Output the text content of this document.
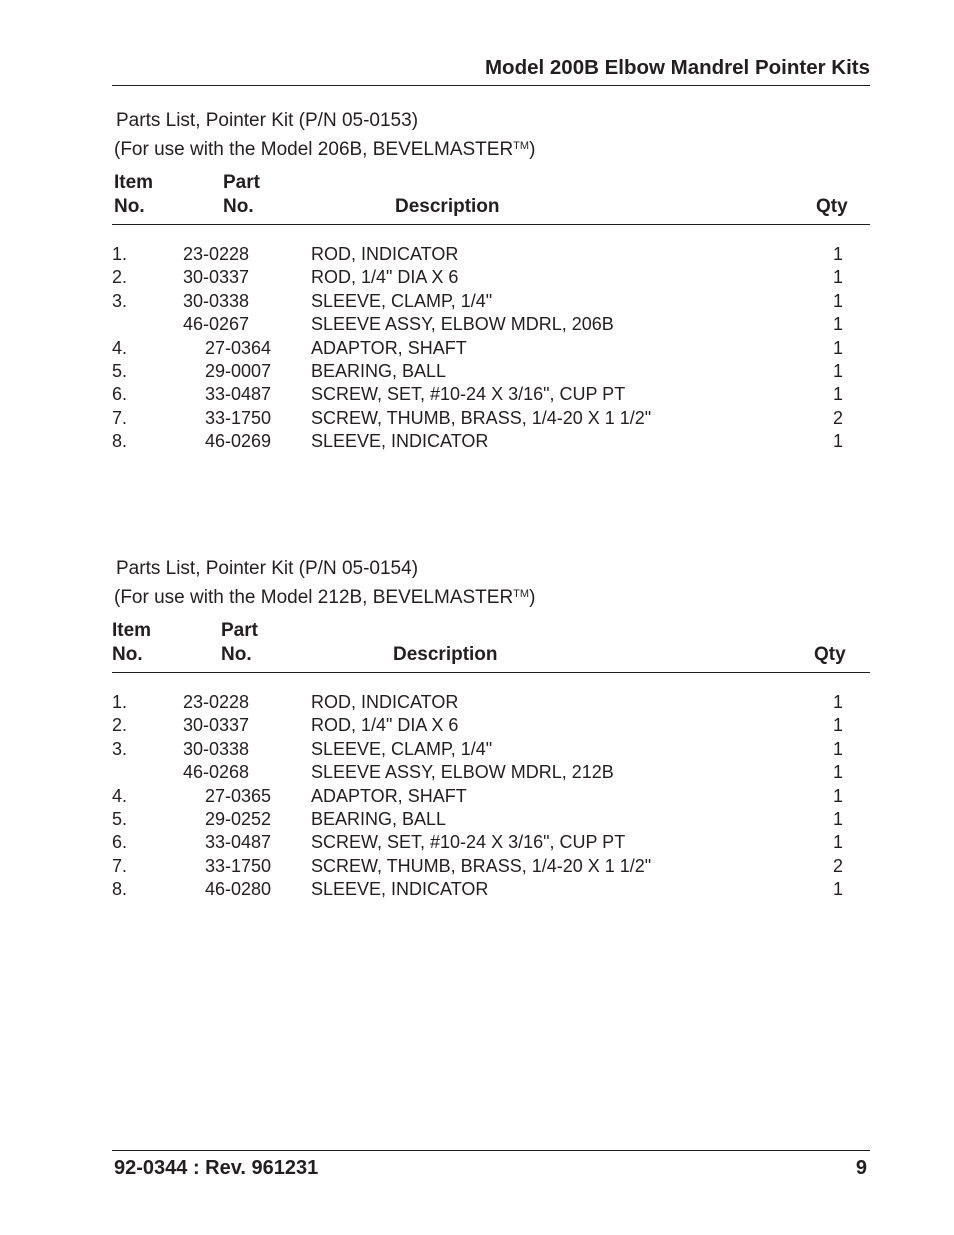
Model 200B Elbow Mandrel Pointer Kits
Parts List, Pointer Kit (P/N 05-0153)
(For use with the Model 206B, BEVELMASTER™)
Item
No.
Part
No.	Description	Qty
1.	23-0228	ROD, INDICATOR	1
2.	30-0337	ROD, 1/4" DIA X 6	1
3.	30-0338	SLEEVE, CLAMP, 1/4"	1
46-0267	SLEEVE ASSY, ELBOW MDRL, 206B	1
4.	27-0364 ADAPTOR, SHAFT	1
5.	29-0007 BEARING, BALL	1
6.	33-0487 SCREW, SET, #10-24 X 3/16", CUP PT	1
7.	33-1750 SCREW, THUMB, BRASS, 1/4-20 X 1 1/2"	2
8.	46-0269 SLEEVE, INDICATOR	1
Parts List, Pointer Kit (P/N 05-0154)
(For use with the Model 212B, BEVELMASTER™)
Item
No.
Part
No.	Description	Qty
1.	23-0228	ROD, INDICATOR	1
2.	30-0337	ROD, 1/4" DIA X 6	1
3.	30-0338	SLEEVE, CLAMP, 1/4"	1
46-0268	SLEEVE ASSY, ELBOW MDRL, 212B	1
4.	27-0365 ADAPTOR, SHAFT	1
5.	29-0252 BEARING, BALL	1
6.	33-0487 SCREW, SET, #10-24 X 3/16", CUP PT	1
7.	33-1750 SCREW, THUMB, BRASS, 1/4-20 X 1 1/2"	2
8.	46-0280 SLEEVE, INDICATOR	1
92-0344 : Rev. 961231	9
